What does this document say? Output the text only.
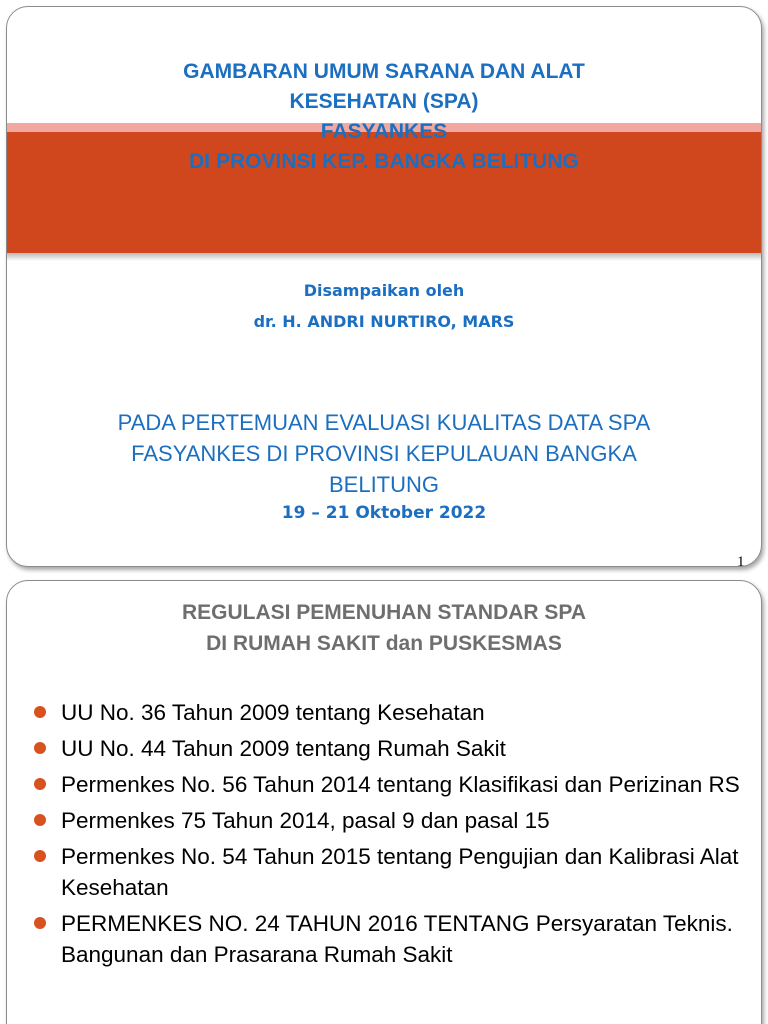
GAMBARAN UMUM SARANA DAN ALAT
KESEHATAN (SPA)
FASYANKES
DI PROVINSI KEP. BANGKA BELITUNG
Disampaikan oleh
dr. H. ANDRI NURTIRO, MARS
PADA PERTEMUAN EVALUASI KUALITAS DATA SPA
FASYANKES DI PROVINSI KEPULAUAN BANGKA
BELITUNG
19 – 21 Oktober 2022
1
REGULASI PEMENUHAN STANDAR SPA
DI RUMAH SAKIT dan PUSKESMAS
UU No. 36 Tahun 2009 tentang Kesehatan
UU No. 44 Tahun 2009 tentang Rumah Sakit
Permenkes No. 56 Tahun 2014 tentang Klasifikasi dan Perizinan RS
Permenkes 75 Tahun 2014, pasal 9 dan pasal 15
Permenkes No. 54 Tahun 2015 tentang Pengujian dan Kalibrasi Alat Kesehatan
PERMENKES NO. 24 TAHUN 2016 TENTANG Persyaratan Teknis. Bangunan dan Prasarana Rumah Sakit
